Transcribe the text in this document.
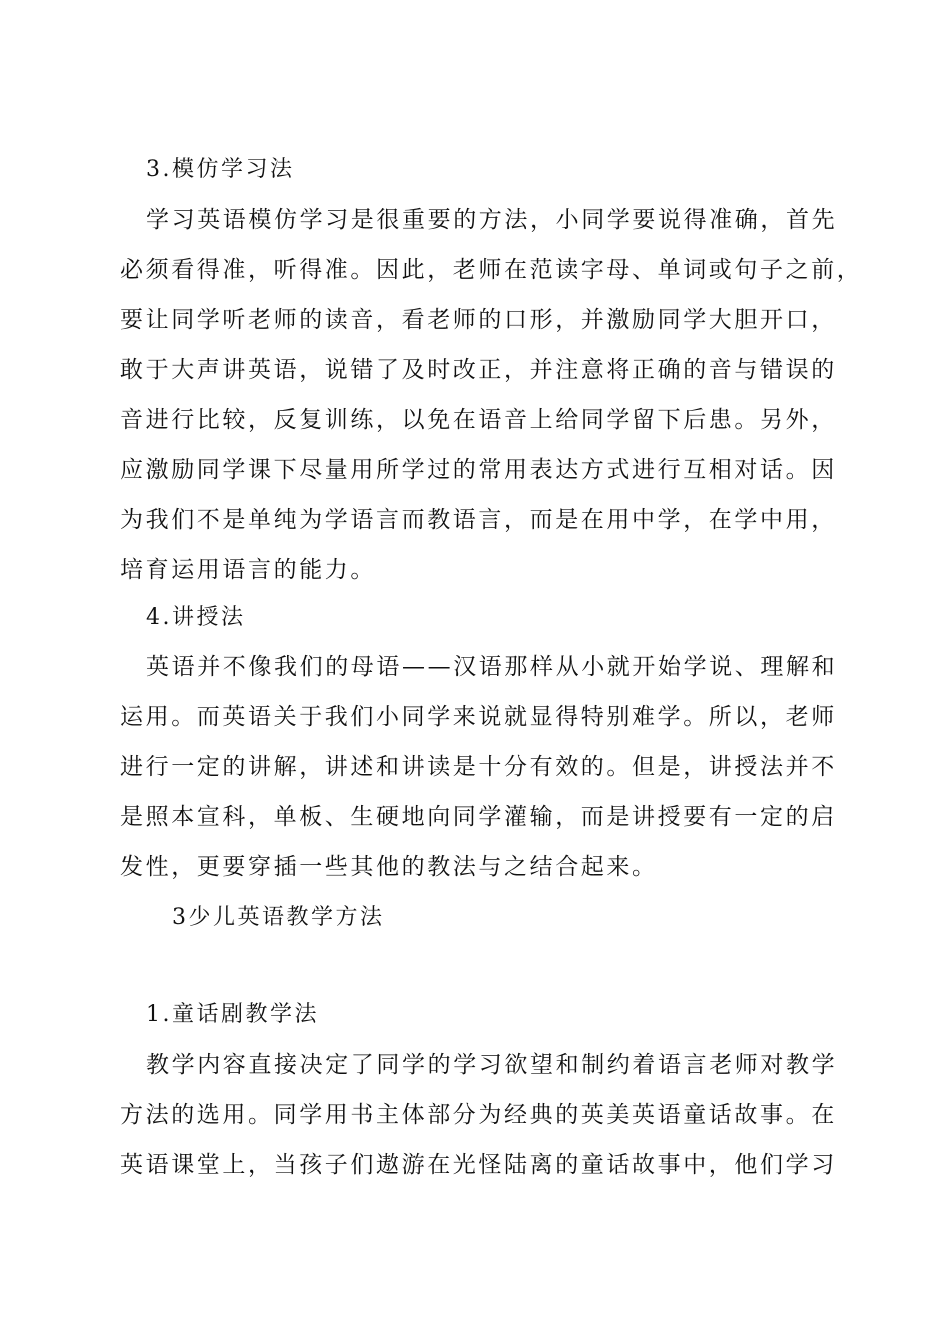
3.模仿学习法
学习英语模仿学习是很重要的方法，小同学要说得准确，首先
必须看得准，听得准。因此，老师在范读字母、单词或句子之前，
要让同学听老师的读音，看老师的口形，并激励同学大胆开口，
敢于大声讲英语，说错了及时改正，并注意将正确的音与错误的
音进行比较，反复训练，以免在语音上给同学留下后患。另外，
应激励同学课下尽量用所学过的常用表达方式进行互相对话。因
为我们不是单纯为学语言而教语言，而是在用中学，在学中用，
培育运用语言的能力。
4.讲授法
英语并不像我们的母语——汉语那样从小就开始学说、理解和
运用。而英语关于我们小同学来说就显得特别难学。所以，老师
进行一定的讲解，讲述和讲读是十分有效的。但是，讲授法并不
是照本宣科，单板、生硬地向同学灌输，而是讲授要有一定的启
发性，更要穿插一些其他的教法与之结合起来。
3少儿英语教学方法
1.童话剧教学法
教学内容直接决定了同学的学习欲望和制约着语言老师对教学
方法的选用。同学用书主体部分为经典的英美英语童话故事。在
英语课堂上，当孩子们遨游在光怪陆离的童话故事中，他们学习
